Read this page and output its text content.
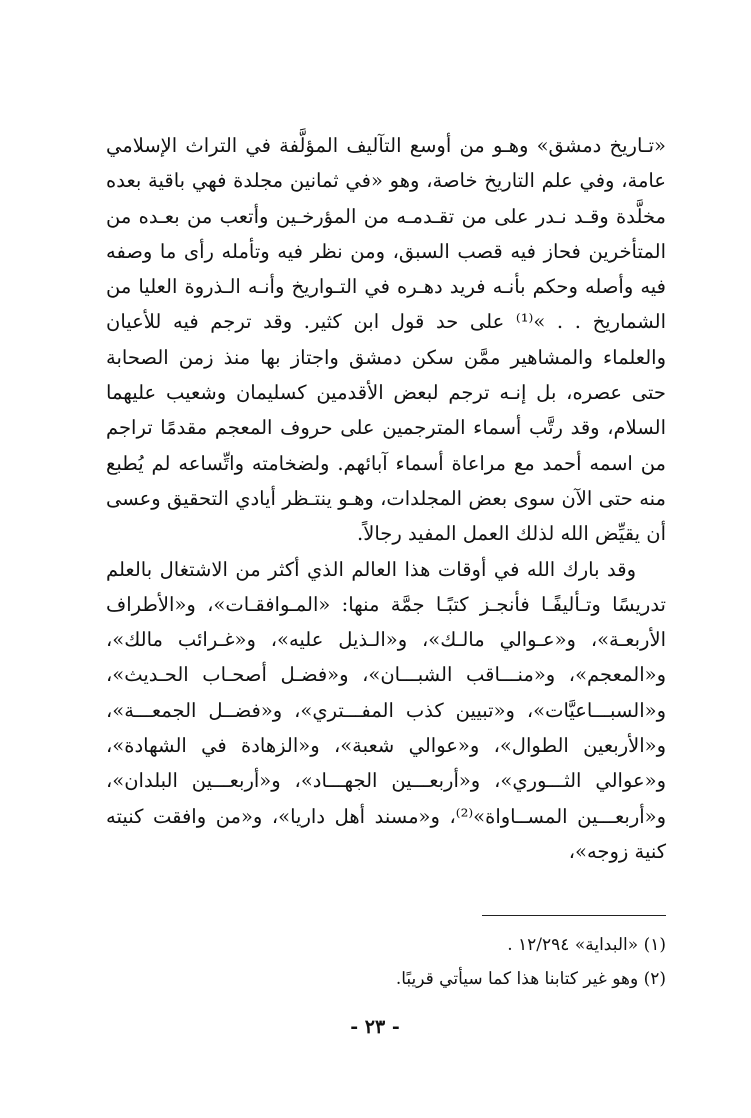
«تـاريخ دمشق» وهـو من أوسع التآليف المؤلَّفة في التراث الإسلامي عامة، وفي علم التاريخ خاصة، وهو «في ثمانين مجلدة فهي باقية بعده مخلَّدة وقـد نـدر على من تقـدمـه من المؤرخـين وأتعب من بعـده من المتأخرين فحاز فيه قصب السبق، ومن نظر فيه وتأمله رأى ما وصفه فيه وأصله وحكم بأنـه فريد دهـره في التـواريخ وأنـه الـذروة العليا من الشماريخ . . »⁽¹⁾ على حد قول ابن كثير. وقد ترجم فيه للأعيان والعلماء والمشاهير ممَّن سكن دمشق واجتاز بها منذ زمن الصحابة حتى عصره، بل إنـه ترجم لبعض الأقدمين كسليمان وشعيب عليهما السلام، وقد رتَّب أسماء المترجمين على حروف المعجم مقدمًا تراجم من اسمه أحمد مع مراعاة أسماء آبائهم. ولضخامته واتِّساعه لم يُطبع منه حتى الآن سوى بعض المجلدات، وهـو ينتـظر أيادي التحقيق وعسى أن يقيِّض الله لذلك العمل المفيد رجالاً.

وقد بارك الله في أوقات هذا العالم الذي أكثر من الاشتغال بالعلم تدريسًا وتـأليفًـا فأنجـز كتبًـا جمَّة منها: «المـوافقـات»، و«الأطراف الأربعـة»، و«عـوالي مالـك»، و«الـذيل عليه»، و«غـرائب مالك»، و«المعجم»، و«منـــاقب الشبـــان»، و«فضـل أصحـاب الحـديث»، و«السبـــاعيَّات»، و«تبيين كذب المفـــتري»، و«فضــل الجمعـــة»، و«الأربعين الطوال»، و«عوالي شعبة»، و«الزهادة في الشهادة»، و«عوالي الثـــوري»، و«أربعـــين الجهـــاد»، و«أربعـــين البلدان»، و«أربعـــين المســاواة»⁽²⁾، و«مسند أهل داريا»، و«من وافقت كنيته كنية زوجه»،

(١) «البداية» ١٢/٢٩٤ .

(٢) وهو غير كتابنا هذا كما سيأتي قريبًا.

- ٢٣ -
